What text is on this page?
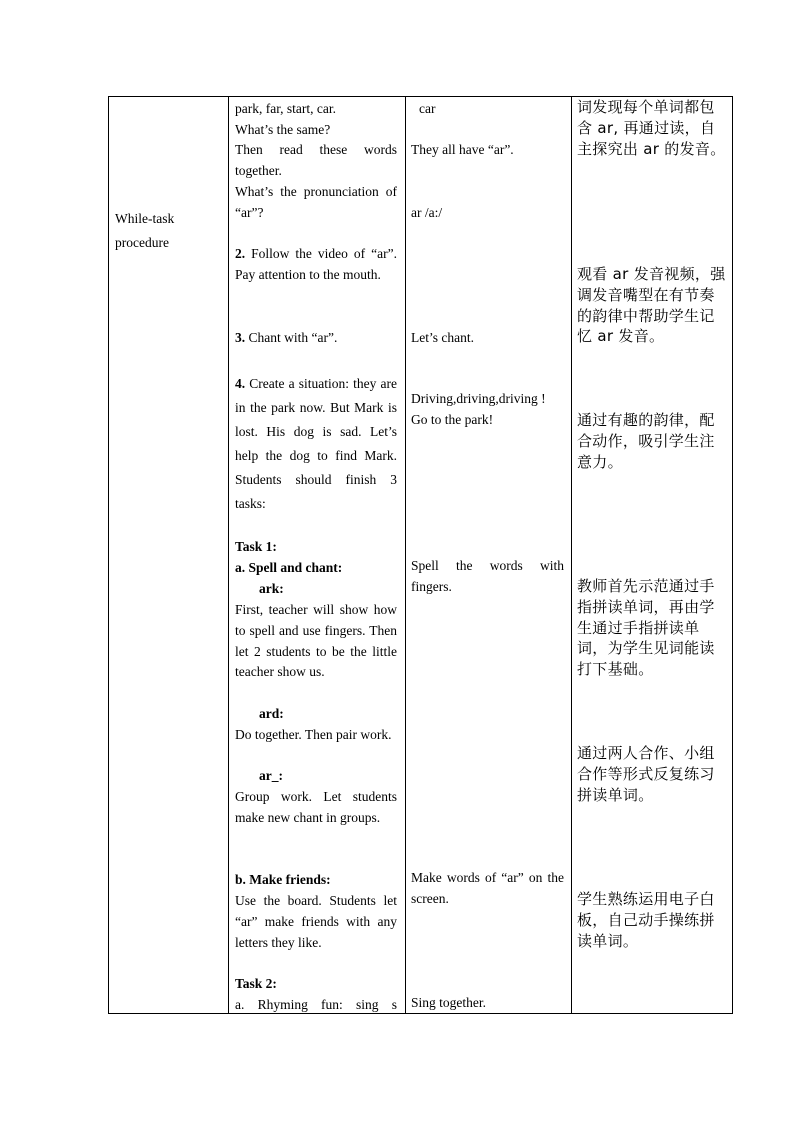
While-task procedure
park, far, start, car.
What’s the same?
Then read these words together.
What’s the pronunciation of “ar”?
2. Follow the video of “ar”. Pay attention to the mouth.
3. Chant with “ar”.
4. Create a situation: they are in the park now. But Mark is lost. His dog is sad. Let’s help the dog to find Mark. Students should finish 3 tasks:
Task 1:
a. Spell and chant:
ark:
First, teacher will show how to spell and use fingers. Then let 2 students to be the little teacher show us.
ard:
Do together. Then pair work.
ar_:
Group work. Let students make new chant in groups.
b. Make friends:
Use the board. Students let “ar” make friends with any letters they like.
Task 2:
a. Rhyming fun: sing s
car
They all have “ar”.
ar /a:/
Let’s chant.
Driving,driving,driving ! Go to the park!
Spell the words with fingers.
Make words of “ar” on the screen.
Sing together.
词发现每个单词都包含 ar, 再通过读，自主探究出 ar 的发音。
观看 ar 发音视频，强调发音嘴型在有节奏的韵律中帮助学生记忆 ar 发音。
通过有趣的韵律，配合动作，吸引学生注意力。
教师首先示范通过手指拼读单词，再由学生通过手指拼读单词，为学生见词能读打下基础。
通过两人合作、小组合作等形式反复练习拼读单词。
学生熟练运用电子白板，自己动手操练拼读单词。
